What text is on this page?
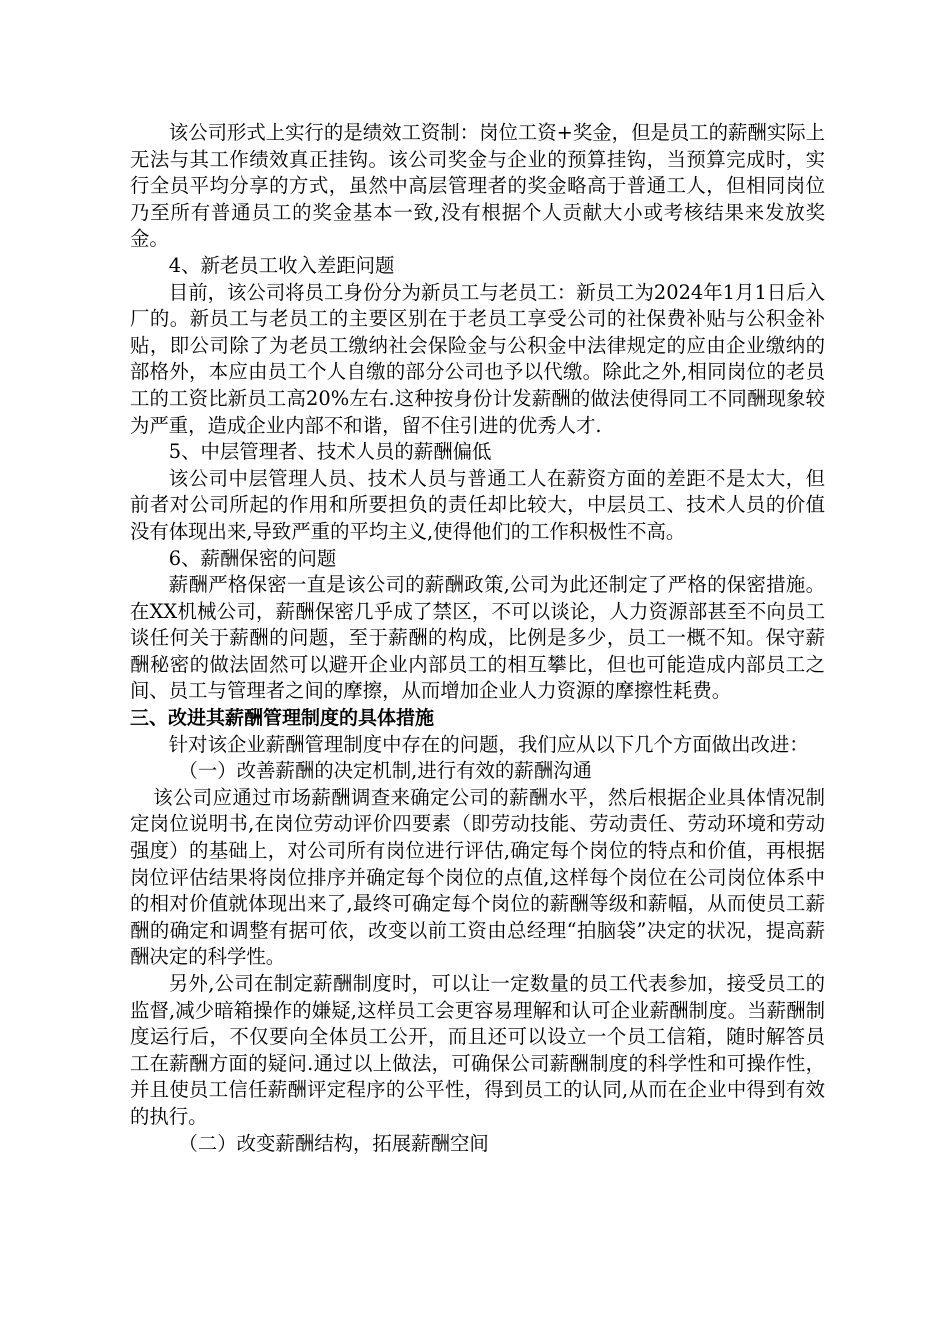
该公司形式上实行的是绩效工资制：岗位工资+奖金，但是员工的薪酬实际上无法与其工作绩效真正挂钩。该公司奖金与企业的预算挂钩，当预算完成时，实行全员平均分享的方式，虽然中高层管理者的奖金略高于普通工人，但相同岗位乃至所有普通员工的奖金基本一致,没有根据个人贡献大小或考核结果来发放奖金。

4、新老员工收入差距问题

目前，该公司将员工身份分为新员工与老员工：新员工为2024年1月1日后入厂的。新员工与老员工的主要区别在于老员工享受公司的社保费补贴与公积金补贴，即公司除了为老员工缴纳社会保险金与公积金中法律规定的应由企业缴纳的部格外，本应由员工个人自缴的部分公司也予以代缴。除此之外,相同岗位的老员工的工资比新员工高20%左右.这种按身份计发薪酬的做法使得同工不同酬现象较为严重，造成企业内部不和谐，留不住引进的优秀人才.

5、中层管理者、技术人员的薪酬偏低

该公司中层管理人员、技术人员与普通工人在薪资方面的差距不是太大，但前者对公司所起的作用和所要担负的责任却比较大，中层员工、技术人员的价值没有体现出来,导致严重的平均主义,使得他们的工作积极性不高。

6、薪酬保密的问题

薪酬严格保密一直是该公司的薪酬政策,公司为此还制定了严格的保密措施。在XX机械公司，薪酬保密几乎成了禁区，不可以谈论，人力资源部甚至不向员工谈任何关于薪酬的问题，至于薪酬的构成，比例是多少，员工一概不知。保守薪酬秘密的做法固然可以避开企业内部员工的相互攀比，但也可能造成内部员工之间、员工与管理者之间的摩擦，从而增加企业人力资源的摩擦性耗费。

三、改进其薪酬管理制度的具体措施

针对该企业薪酬管理制度中存在的问题，我们应从以下几个方面做出改进：

（一）改善薪酬的决定机制,进行有效的薪酬沟通

该公司应通过市场薪酬调查来确定公司的薪酬水平，然后根据企业具体情况制定岗位说明书,在岗位劳动评价四要素（即劳动技能、劳动责任、劳动环境和劳动强度）的基础上，对公司所有岗位进行评估,确定每个岗位的特点和价值，再根据岗位评估结果将岗位排序并确定每个岗位的点值,这样每个岗位在公司岗位体系中的相对价值就体现出来了,最终可确定每个岗位的薪酬等级和薪幅，从而使员工薪酬的确定和调整有据可依，改变以前工资由总经理“拍脑袋”决定的状况，提高薪酬决定的科学性。

另外,公司在制定薪酬制度时，可以让一定数量的员工代表参加，接受员工的监督,减少暗箱操作的嫌疑,这样员工会更容易理解和认可企业薪酬制度。当薪酬制度运行后，不仅要向全体员工公开，而且还可以设立一个员工信箱，随时解答员工在薪酬方面的疑问.通过以上做法，可确保公司薪酬制度的科学性和可操作性，并且使员工信任薪酬评定程序的公平性，得到员工的认同,从而在企业中得到有效的执行。

（二）改变薪酬结构，拓展薪酬空间
